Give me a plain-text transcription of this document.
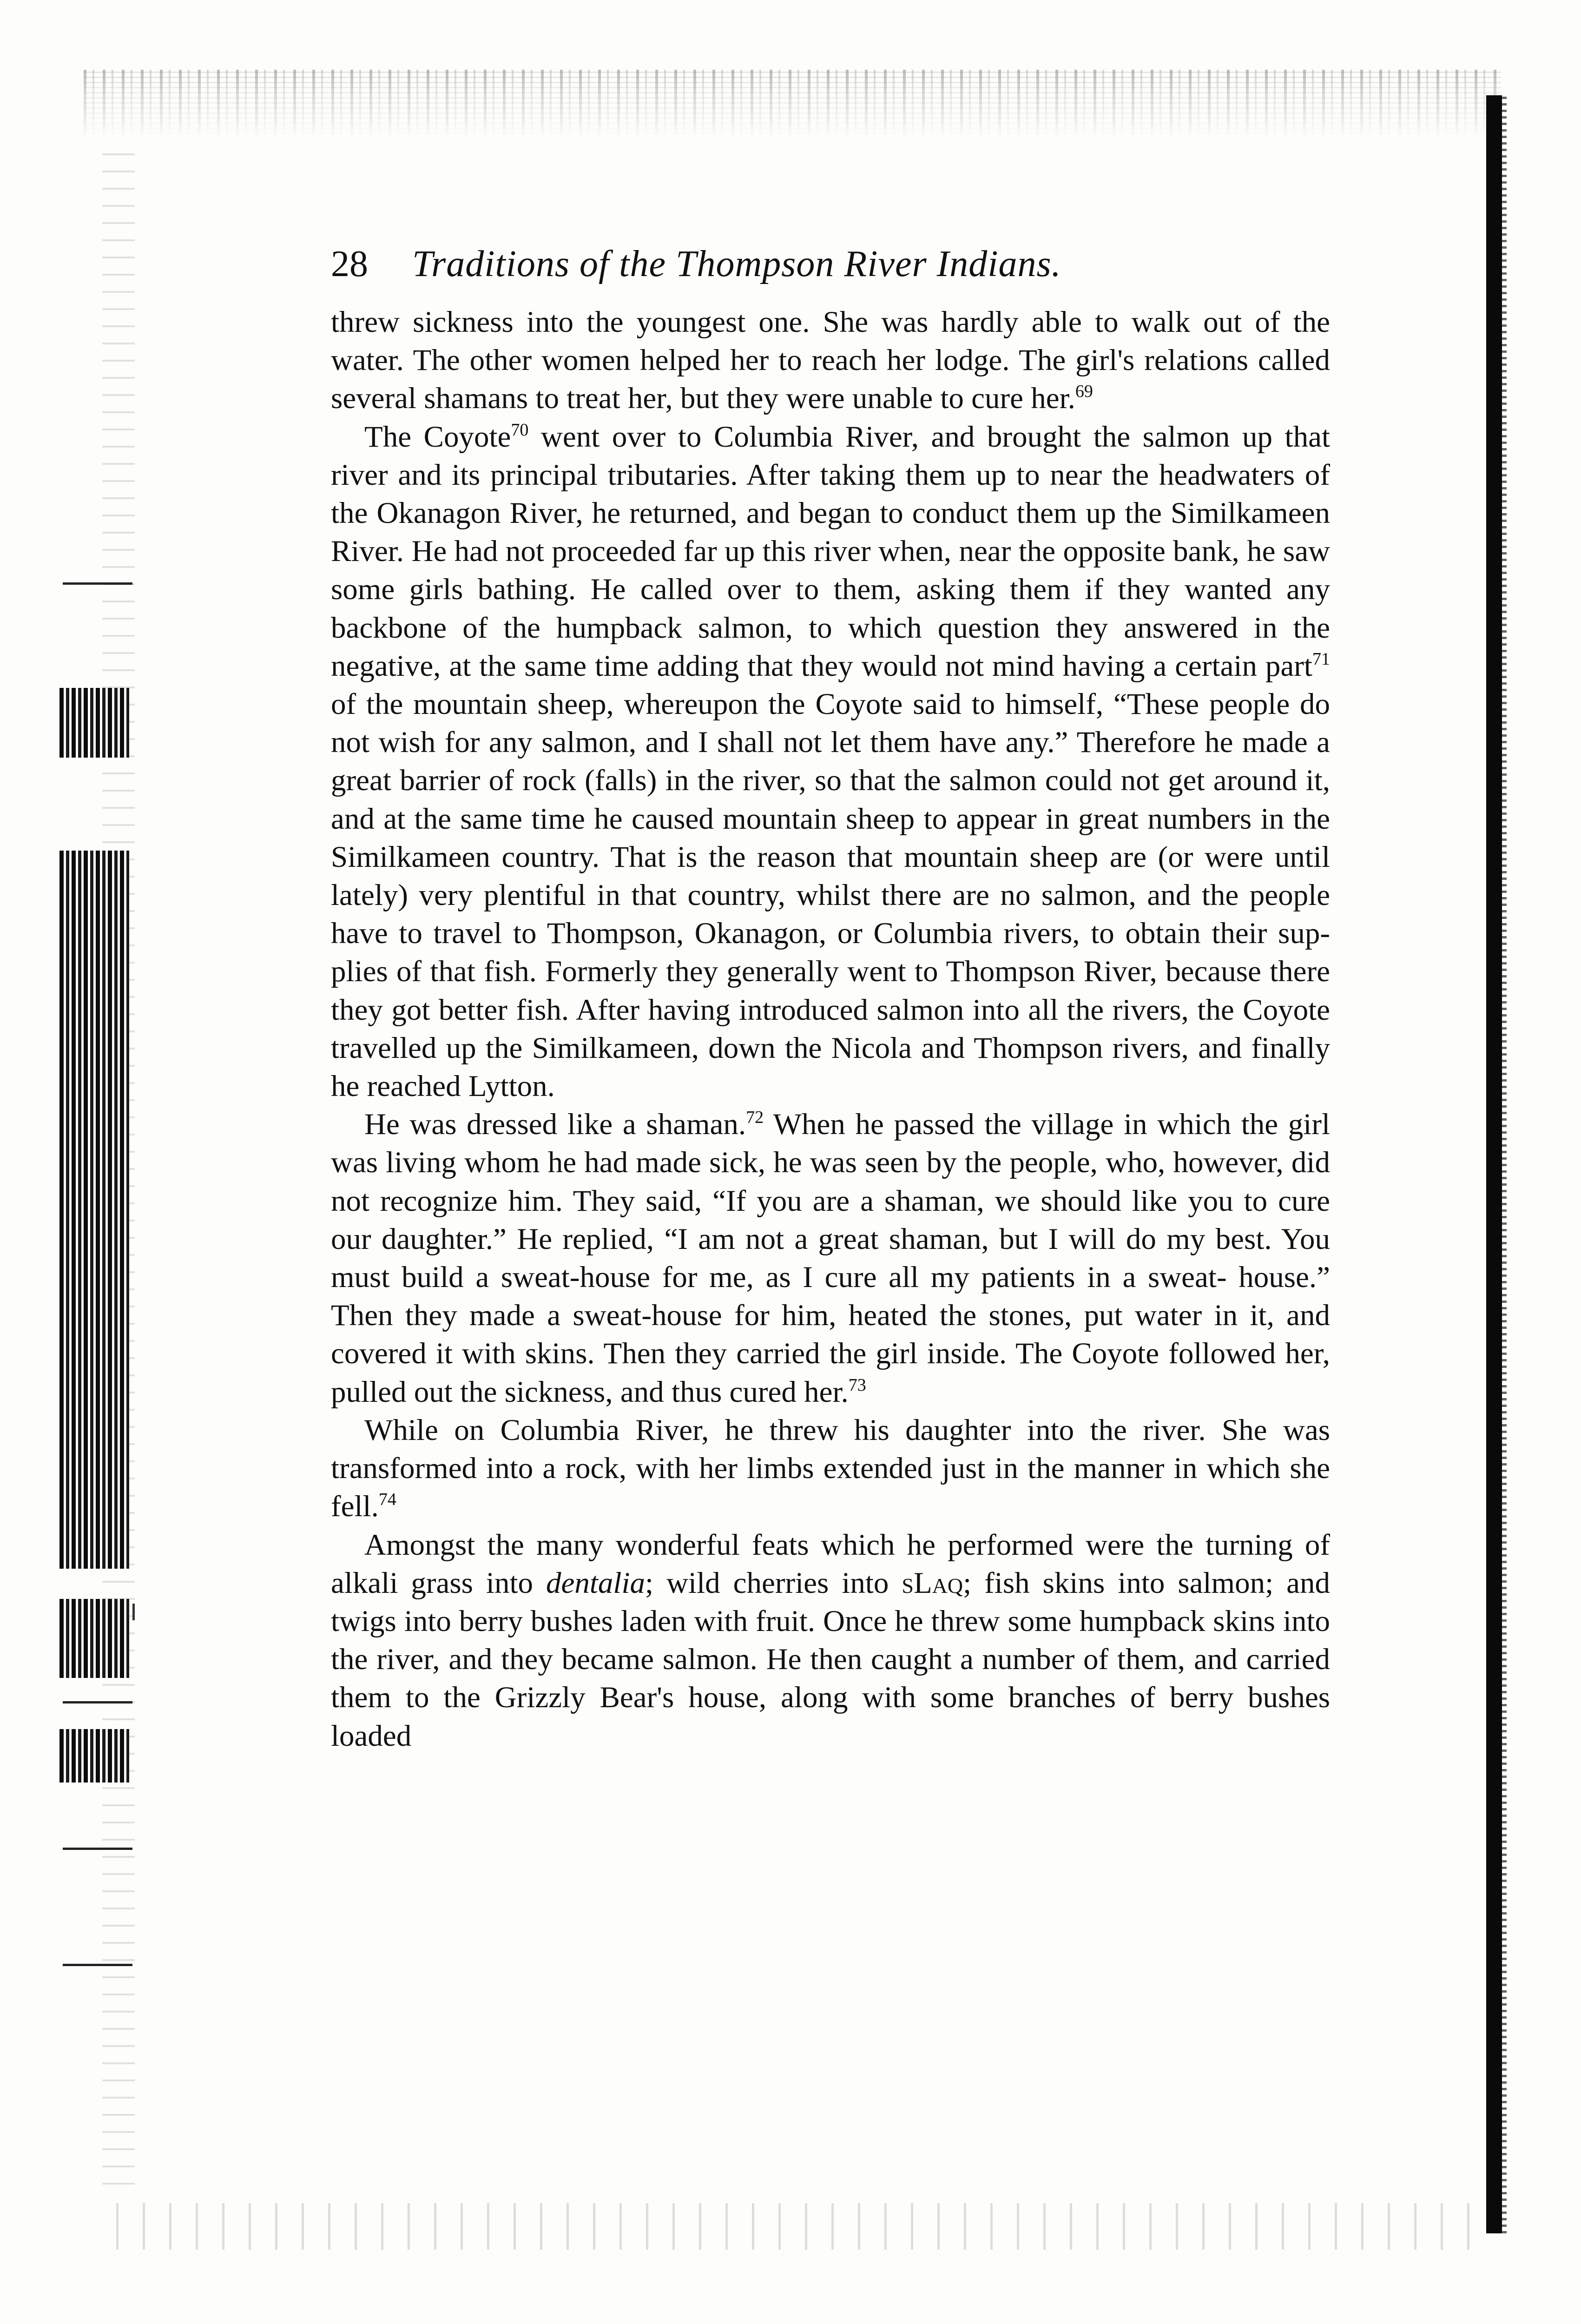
28 Traditions of the Thompson River Indians.

threw sickness into the youngest one. She was hardly able to walk out of the water. The other women helped her to reach her lodge. The girl's relations called several shamans to treat her, but they were unable to cure her.$^{69}$

The Coyote$^{70}$ went over to Columbia River, and brought the salmon up that river and its principal tributaries. After taking them up to near the headwaters of the Okanagon River, he returned, and began to conduct them up the Similkameen River. He had not proceeded far up this river when, near the opposite bank, he saw some girls bathing. He called over to them, asking them if they wanted any backbone of the humpback salmon, to which question they answered in the negative, at the same time adding that they would not mind having a certain part$^{71}$ of the mountain sheep, whereupon the Coyote said to himself, “These people do not wish for any salmon, and I shall not let them have any.” Therefore he made a great barrier of rock (falls) in the river, so that the salmon could not get around it, and at the same time he caused mountain sheep to appear in great numbers in the Similkameen country. That is the reason that mountain sheep are (or were until lately) very plentiful in that country, whilst there are no salmon, and the people have to travel to Thompson, Okanagon, or Columbia rivers, to obtain their sup- plies of that fish. Formerly they generally went to Thompson River, because there they got better fish. After having introduced salmon into all the rivers, the Coyote travelled up the Similkameen, down the Nicola and Thompson rivers, and finally he reached Lytton.

He was dressed like a shaman.$^{72}$ When he passed the village in which the girl was living whom he had made sick, he was seen by the people, who, however, did not recognize him. They said, “If you are a shaman, we should like you to cure our daughter.” He replied, “I am not a great shaman, but I will do my best. You must build a sweat-house for me, as I cure all my patients in a sweat- house.” Then they made a sweat-house for him, heated the stones, put water in it, and covered it with skins. Then they carried the girl inside. The Coyote followed her, pulled out the sickness, and thus cured her.$^{73}$

While on Columbia River, he threw his daughter into the river. She was transformed into a rock, with her limbs extended just in the manner in which she fell.$^{74}$

Amongst the many wonderful feats which he performed were the turning of alkali grass into dentalia; wild cherries into sLaq; fish skins into salmon; and twigs into berry bushes laden with fruit. Once he threw some humpback skins into the river, and they became salmon. He then caught a number of them, and carried them to the Grizzly Bear's house, along with some branches of berry bushes loaded
